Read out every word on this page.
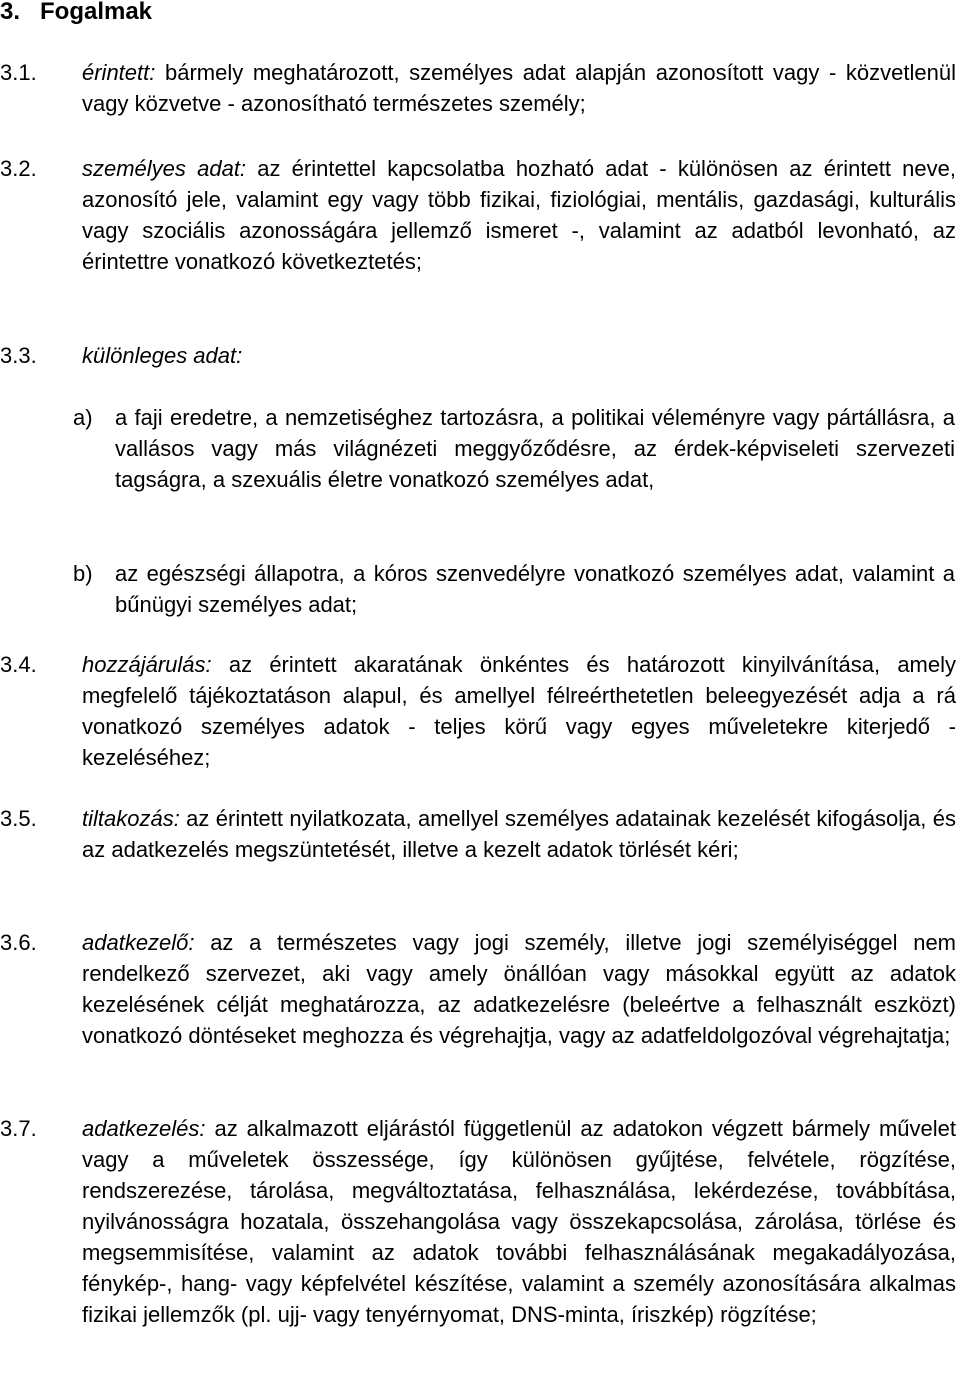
3. Fogalmak
3.1. érintett: bármely meghatározott, személyes adat alapján azonosított vagy - közvetlenül vagy közvetve - azonosítható természetes személy;
3.2. személyes adat: az érintettel kapcsolatba hozható adat - különösen az érintett neve, azonosító jele, valamint egy vagy több fizikai, fiziológiai, mentális, gazdasági, kulturális vagy szociális azonosságára jellemző ismeret -, valamint az adatból levonható, az érintettre vonatkozó következtetés;
3.3. különleges adat:
a) a faji eredetre, a nemzetiséghez tartozásra, a politikai véleményre vagy pártállásra, a vallásos vagy más világnézeti meggyőződésre, az érdek-képviseleti szervezeti tagságra, a szexuális életre vonatkozó személyes adat,
b) az egészségi állapotra, a kóros szenvedélyre vonatkozó személyes adat, valamint a bűnügyi személyes adat;
3.4. hozzájárulás: az érintett akaratának önkéntes és határozott kinyilvánítása, amely megfelelő tájékoztatáson alapul, és amellyel félreérthetetlen beleegyezését adja a rá vonatkozó személyes adatok - teljes körű vagy egyes műveletekre kiterjedő - kezeléséhez;
3.5. tiltakozás: az érintett nyilatkozata, amellyel személyes adatainak kezelését kifogásolja, és az adatkezelés megszüntetését, illetve a kezelt adatok törlését kéri;
3.6. adatkezelő: az a természetes vagy jogi személy, illetve jogi személyiséggel nem rendelkező szervezet, aki vagy amely önállóan vagy másokkal együtt az adatok kezelésének célját meghatározza, az adatkezelésre (beleértve a felhasznált eszközt) vonatkozó döntéseket meghozza és végrehajtja, vagy az adatfeldolgozóval végrehajtatja;
3.7. adatkezelés: az alkalmazott eljárástól függetlenül az adatokon végzett bármely művelet vagy a műveletek összessége, így különösen gyűjtése, felvétele, rögzítése, rendszerezése, tárolása, megváltoztatása, felhasználása, lekérdezése, továbbítása, nyilvánosságra hozatala, összehangolása vagy összekapcsolása, zárolása, törlése és megsemmisítése, valamint az adatok további felhasználásának megakadályozása, fénykép-, hang- vagy képfelvétel készítése, valamint a személy azonosítására alkalmas fizikai jellemzők (pl. ujj- vagy tenyérnyomat, DNS-minta, íriszkép) rögzítése;
